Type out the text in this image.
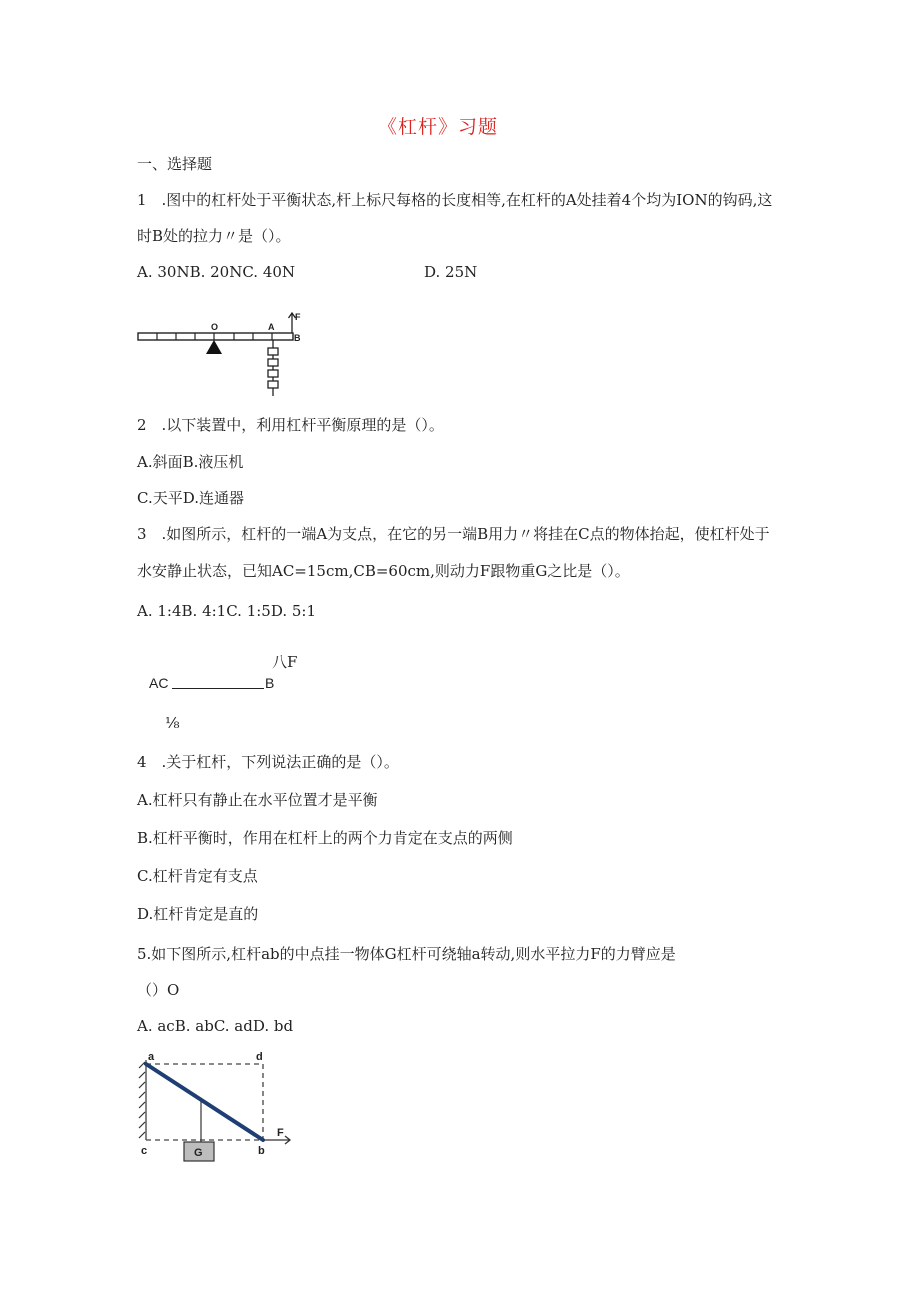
《杠杆》习题
一、选择题
1　.图中的杠杆处于平衡状态,杆上标尺每格的长度相等,在杠杆的A处挂着4个均为ION的钩码,这
时B处的拉力〃是（）。
A. 30NB. 20NC. 40N	D. 25N
O	A
F
B
2　.以下装置中，利用杠杆平衡原理的是（）。
A.斜面B.液压机
C.天平D.连通器
3　.如图所示，杠杆的一端A为支点，在它的另一端B用力〃将挂在C点的物体抬起，使杠杆处于
水安静止状态，已知AC=15cm,CB=60cm,则动力F跟物重G之比是（）。
A. 1:4B. 4:1C. 1:5D. 5:1
八F
AC	B
⅛
4　.关于杠杆，下列说法正确的是（）。
A.杠杆只有静止在水平位置才是平衡
B.杠杆平衡时，作用在杠杆上的两个力肯定在支点的两侧
C.杠杆肯定有支点
D.杠杆肯定是直的
5.如下图所示,杠杆ab的中点挂一物体G杠杆可绕轴a转动,则水平拉力F的力臂应是
（）O
A. acB. abC. adD. bd
G
F
a	d
c	b
